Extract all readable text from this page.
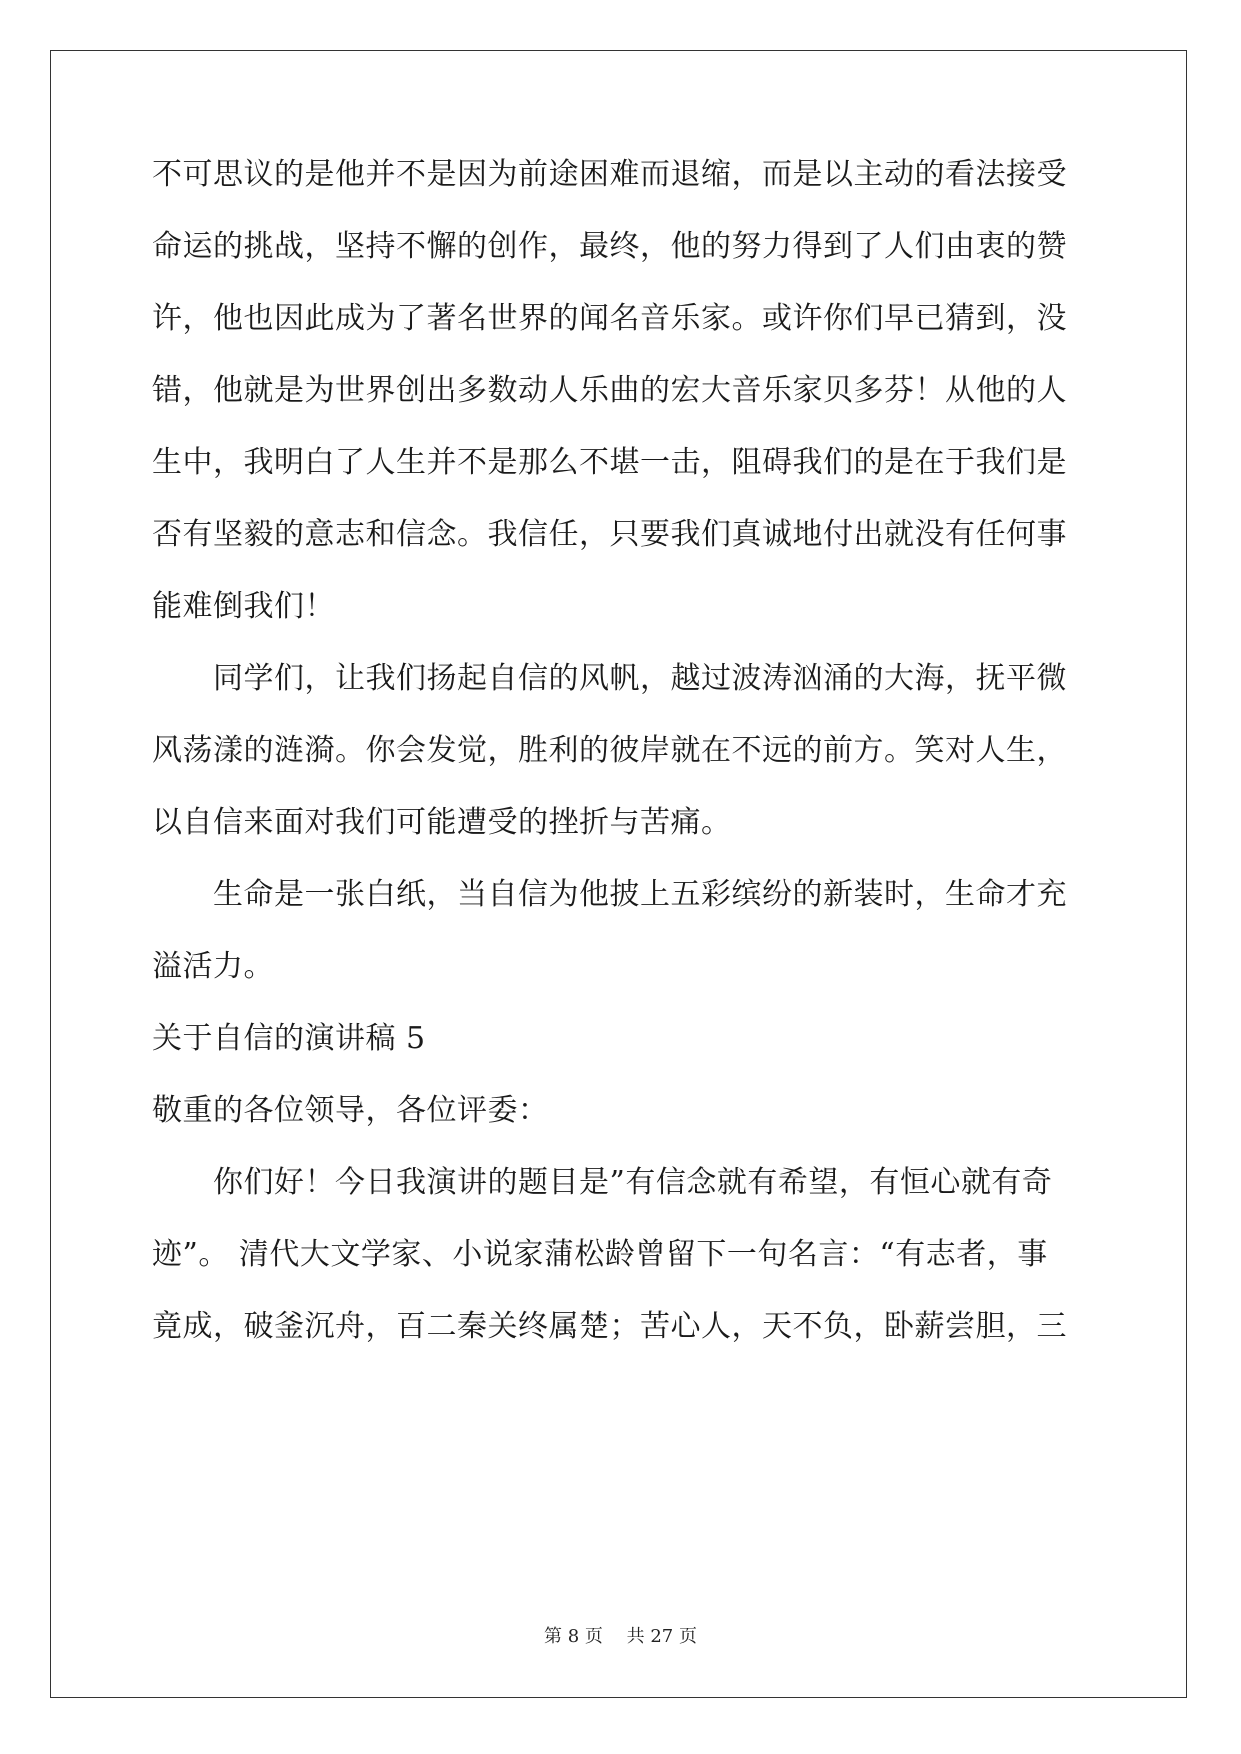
不可思议的是他并不是因为前途困难而退缩，而是以主动的看法接受
命运的挑战，坚持不懈的创作，最终，他的努力得到了人们由衷的赞
许，他也因此成为了著名世界的闻名音乐家。或许你们早已猜到，没
错，他就是为世界创出多数动人乐曲的宏大音乐家贝多芬！从他的人
生中，我明白了人生并不是那么不堪一击，阻碍我们的是在于我们是
否有坚毅的意志和信念。我信任，只要我们真诚地付出就没有任何事
能难倒我们！
　　同学们，让我们扬起自信的风帆，越过波涛汹涌的大海，抚平微
风荡漾的涟漪。你会发觉，胜利的彼岸就在不远的前方。笑对人生，
以自信来面对我们可能遭受的挫折与苦痛。
　　生命是一张白纸，当自信为他披上五彩缤纷的新装时，生命才充
溢活力。
关于自信的演讲稿 5
敬重的各位领导，各位评委：
　　你们好！今日我演讲的题目是”有信念就有希望，有恒心就有奇
迹”。 清代大文学家、小说家蒲松龄曾留下一句名言：“有志者，事
竟成，破釜沉舟，百二秦关终属楚；苦心人，天不负，卧薪尝胆，三
第 8 页　 共 27 页
